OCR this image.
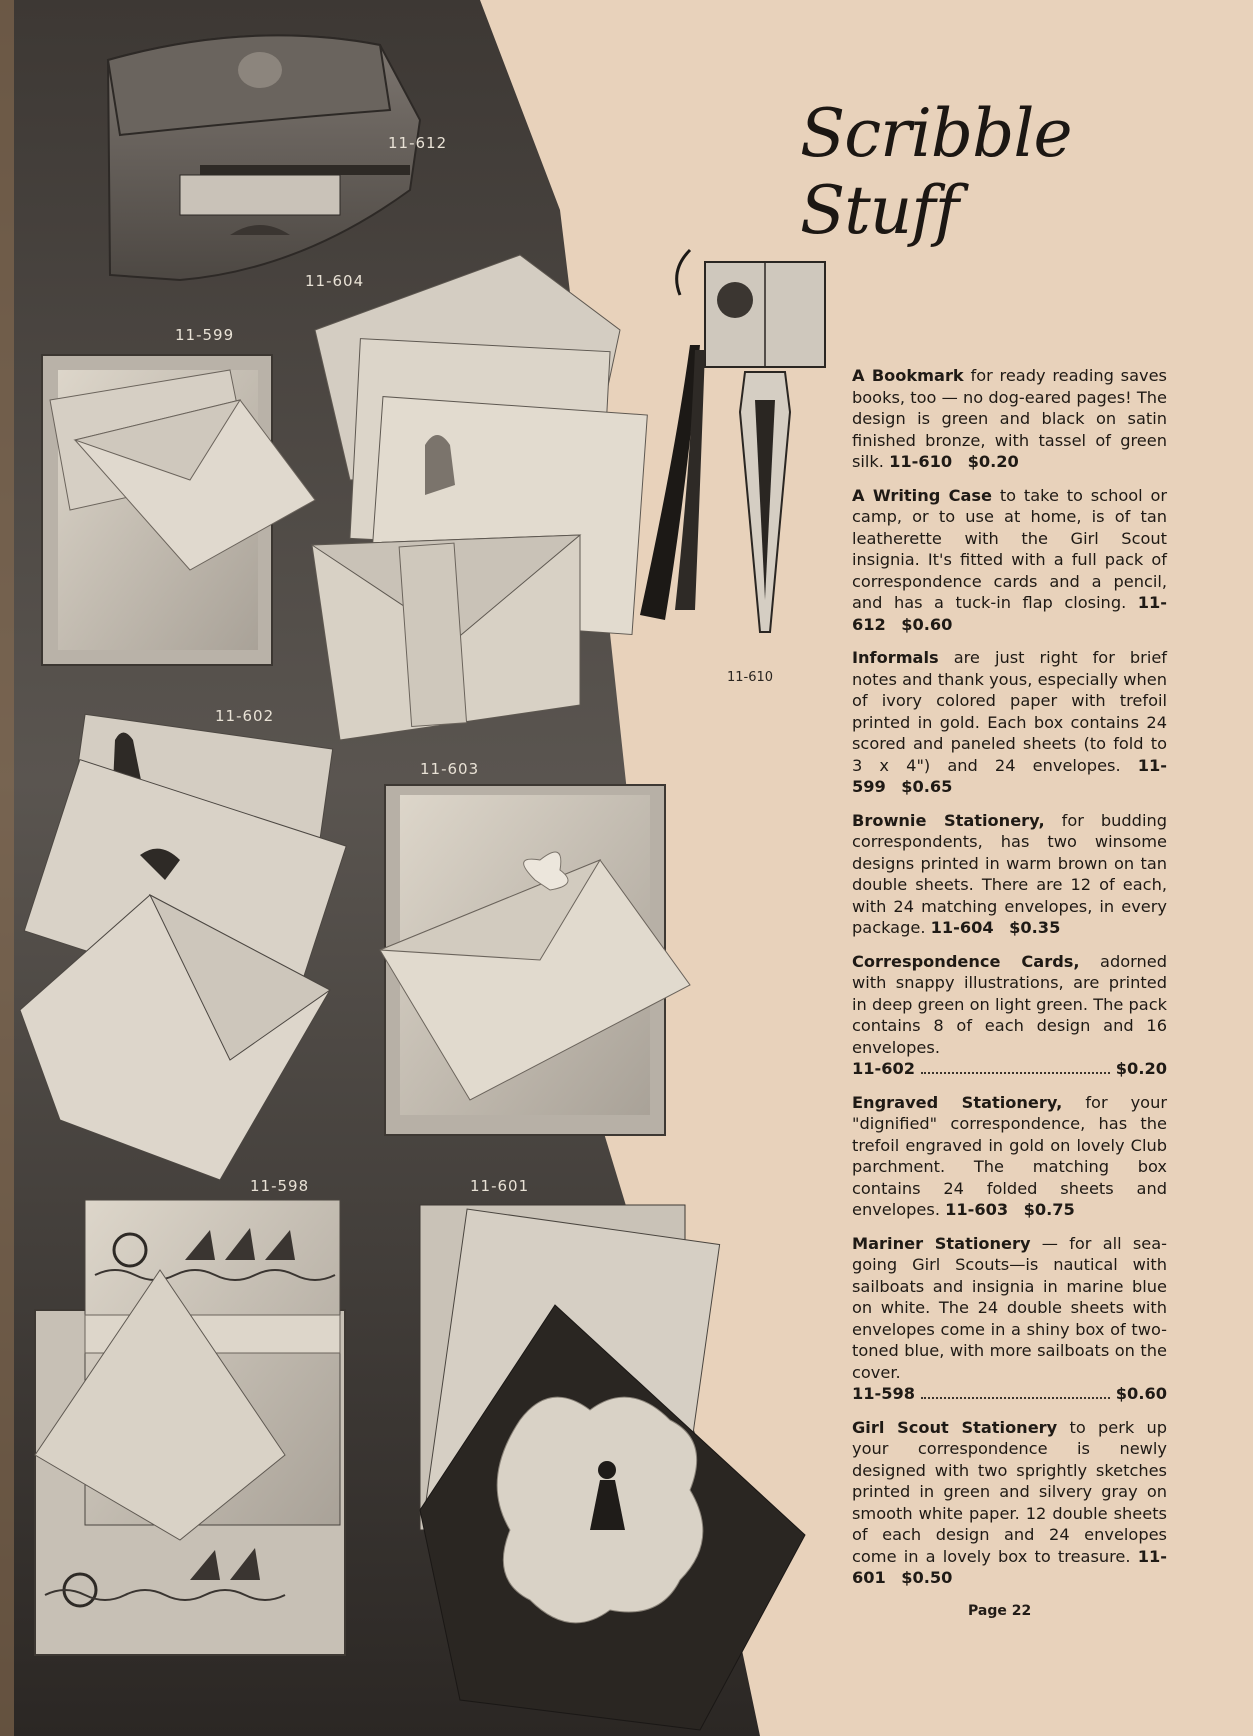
Scribble Stuff
11-612
11-604
11-599
11-602
11-603
11-598	11-601
11-610
A Bookmark for ready reading saves books, too — no dog-eared pages! The design is green and black on satin finished bronze, with tassel of green silk. 11-610 $0.20
A Writing Case to take to school or camp, or to use at home, is of tan leatherette with the Girl Scout insignia. It's fitted with a full pack of correspondence cards and a pencil, and has a tuck-in flap closing. 11-612 $0.60
Informals are just right for brief notes and thank yous, especially when of ivory colored paper with trefoil printed in gold. Each box contains 24 scored and paneled sheets (to fold to 3 x 4") and 24 envelopes. 11-599 $0.65
Brownie Stationery, for budding correspondents, has two winsome designs printed in warm brown on tan double sheets. There are 12 of each, with 24 matching envelopes, in every package. 11-604 $0.35
Correspondence Cards, adorned with snappy illustrations, are printed in deep green on light green. The pack contains 8 of each design and 16 envelopes.
11-602	$0.20
Engraved Stationery, for your "dignified" correspondence, has the trefoil engraved in gold on lovely Club parchment. The matching box contains 24 folded sheets and envelopes. 11-603 $0.75
Mariner Stationery — for all sea-going Girl Scouts—is nautical with sailboats and insignia in marine blue on white. The 24 double sheets with envelopes come in a shiny box of two-toned blue, with more sailboats on the cover.
11-598	$0.60
Girl Scout Stationery to perk up your correspondence is newly designed with two sprightly sketches printed in green and silvery gray on smooth white paper. 12 double sheets of each design and 24 envelopes come in a lovely box to treasure. 11-601 $0.50
Page 22
